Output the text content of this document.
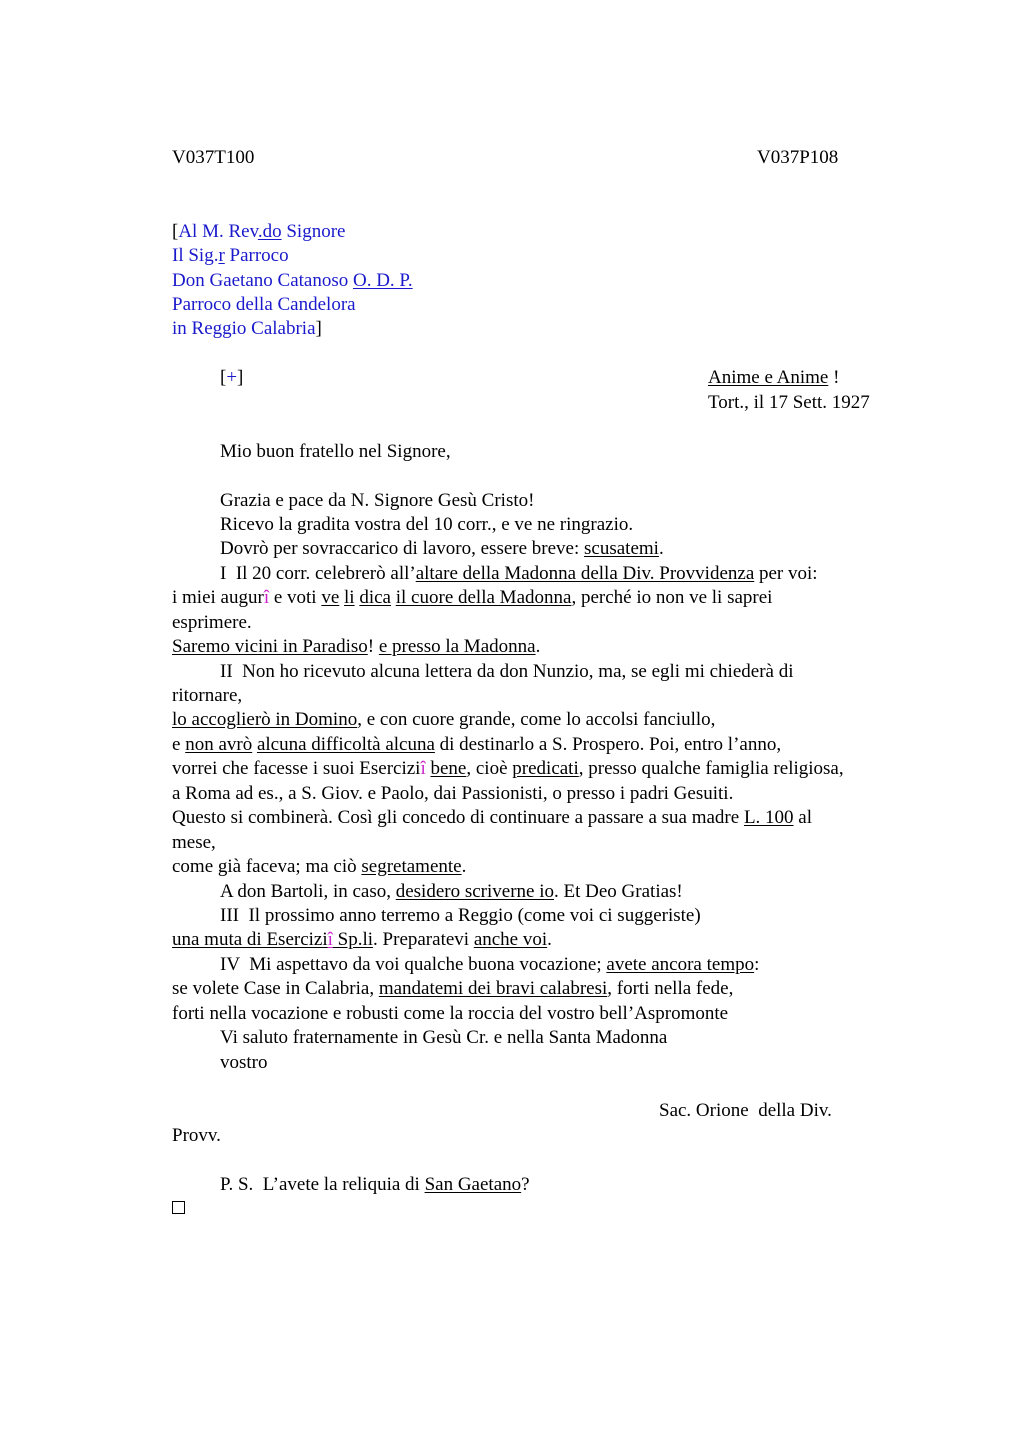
V037T100	V037P108
[Al M. Rev.do Signore
Il Sig.r Parroco
Don Gaetano Catanoso O. D. P.
Parroco della Candelora
in Reggio Calabria]
[+]	Anime e Anime !
Tort., il 17 Sett. 1927
Mio buon fratello nel Signore,
Grazia e pace da N. Signore Gesù Cristo!
Ricevo la gradita vostra del 10 corr., e ve ne ringrazio.
Dovrò per sovraccarico di lavoro, essere breve: scusatemi.
I  Il 20 corr. celebrerò all’altare della Madonna della Div. Provvidenza per voi:
i miei augurî e voti ve li dica il cuore della Madonna, perché io non ve li saprei
esprimere.
Saremo vicini in Paradiso! e presso la Madonna.
II  Non ho ricevuto alcuna lettera da don Nunzio, ma, se egli mi chiederà di
ritornare,
lo accoglierò in Domino, e con cuore grande, come lo accolsi fanciullo,
e non avrò alcuna difficoltà alcuna di destinarlo a S. Prospero. Poi, entro l’anno,
vorrei che facesse i suoi Eserciziî bene, cioè predicati, presso qualche famiglia religiosa,
a Roma ad es., a S. Giov. e Paolo, dai Passionisti, o presso i padri Gesuiti.
Questo si combinerà. Così gli concedo di continuare a passare a sua madre L. 100 al
mese,
come già faceva; ma ciò segretamente.
A don Bartoli, in caso, desidero scriverne io. Et Deo Gratias!
III  Il prossimo anno terremo a Reggio (come voi ci suggeriste)
una muta di Eserciziî Sp.li. Preparatevi anche voi.
IV  Mi aspettavo da voi qualche buona vocazione; avete ancora tempo:
se volete Case in Calabria, mandatemi dei bravi calabresi, forti nella fede,
forti nella vocazione e robusti come la roccia del vostro bell’Aspromonte
Vi saluto fraternamente in Gesù Cr. e nella Santa Madonna
vostro
Sac. Orione  della Div.
Provv.
P. S.  L’avete la reliquia di San Gaetano?
